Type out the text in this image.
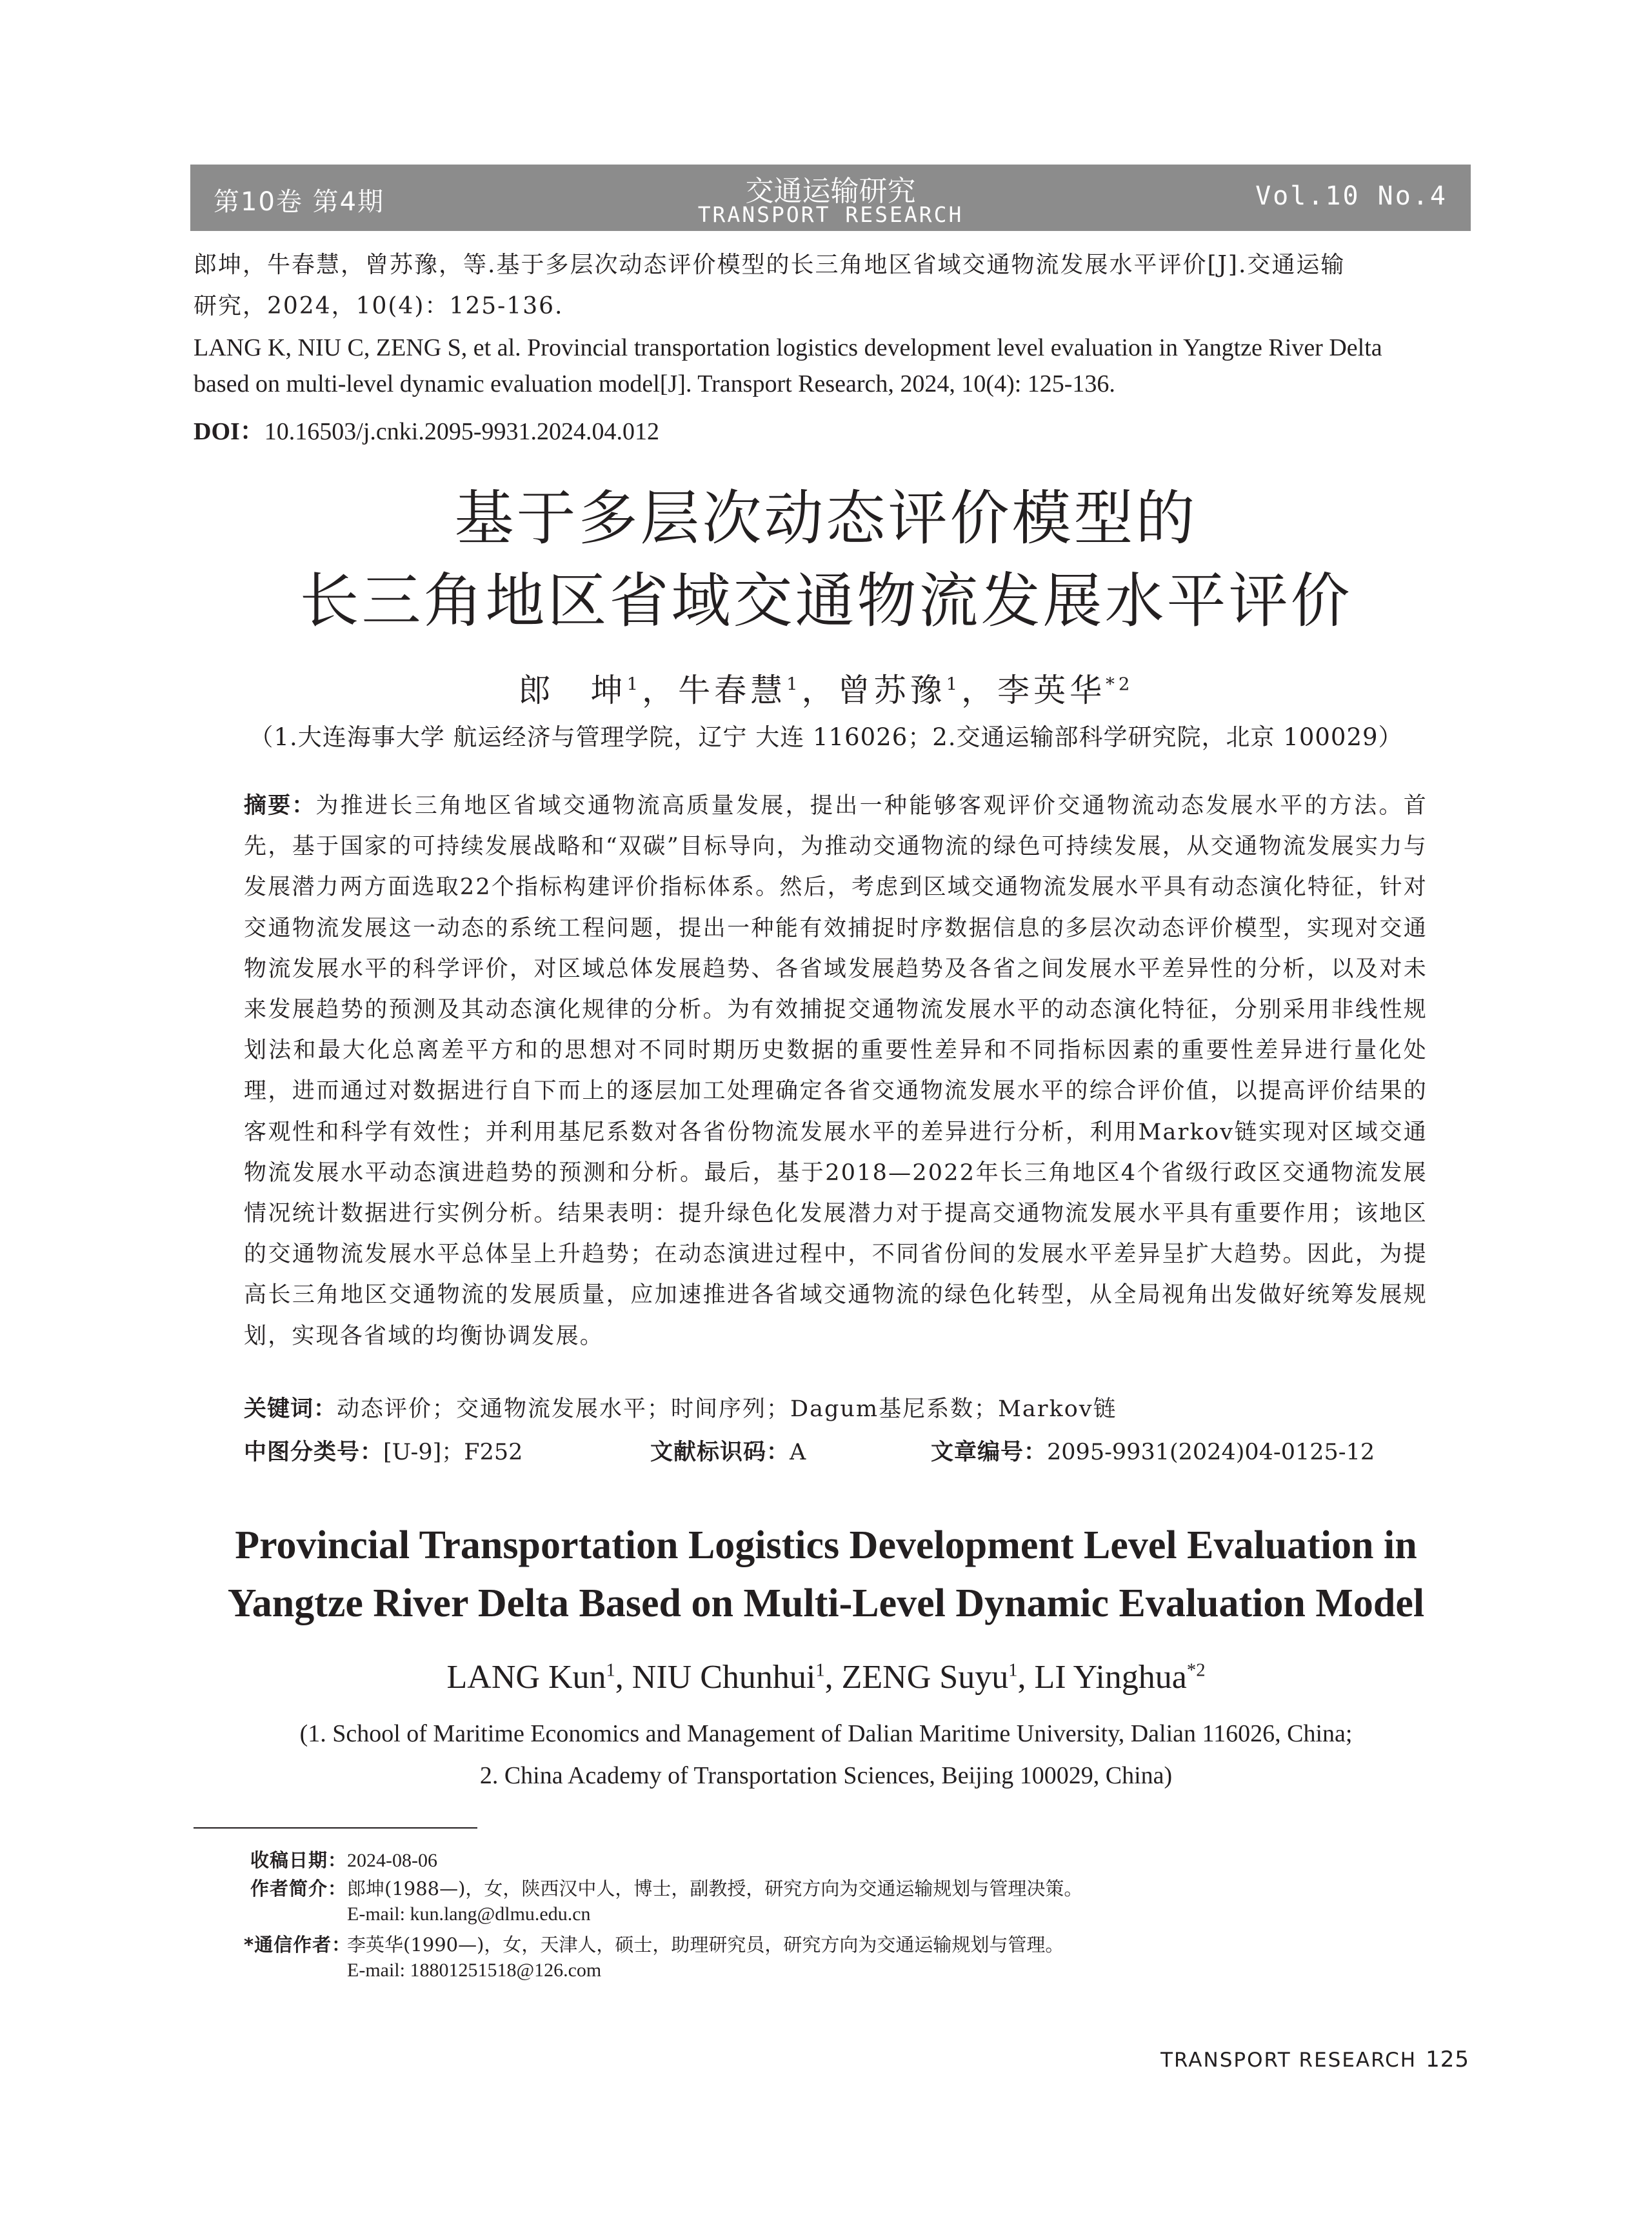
第10卷 第4期	交通运输研究
TRANSPORT RESEARCH
Vol.10 No.4
郎坤，牛春慧，曾苏豫，等.基于多层次动态评价模型的长三角地区省域交通物流发展水平评价[J].交通运输
研究，2024，10(4)：125-136.
LANG K, NIU C, ZENG S, et al. Provincial transportation logistics development level evaluation in Yangtze River Delta
based on multi-level dynamic evaluation model[J]. Transport Research, 2024, 10(4): 125-136.
DOI：10.16503/j.cnki.2095-9931.2024.04.012
基于多层次动态评价模型的
长三角地区省域交通物流发展水平评价
郎　坤$^1$，牛春慧$^1$，曾苏豫$^1$，李英华$^{*2}$
（1.大连海事大学 航运经济与管理学院，辽宁 大连 116026；2.交通运输部科学研究院，北京 100029）
摘要：为推进长三角地区省域交通物流高质量发展，提出一种能够客观评价交通物流动态发展水平的方法。首先，基于国家的可持续发展战略和“双碳”目标导向，为推动交通物流的绿色可持续发展，从交通物流发展实力与发展潜力两方面选取22个指标构建评价指标体系。然后，考虑到区域交通物流发展水平具有动态演化特征，针对交通物流发展这一动态的系统工程问题，提出一种能有效捕捉时序数据信息的多层次动态评价模型，实现对交通物流发展水平的科学评价，对区域总体发展趋势、各省域发展趋势及各省之间发展水平差异性的分析，以及对未来发展趋势的预测及其动态演化规律的分析。为有效捕捉交通物流发展水平的动态演化特征，分别采用非线性规划法和最大化总离差平方和的思想对不同时期历史数据的重要性差异和不同指标因素的重要性差异进行量化处理，进而通过对数据进行自下而上的逐层加工处理确定各省交通物流发展水平的综合评价值，以提高评价结果的客观性和科学有效性；并利用基尼系数对各省份物流发展水平的差异进行分析，利用Markov链实现对区域交通物流发展水平动态演进趋势的预测和分析。最后，基于2018—2022年长三角地区4个省级行政区交通物流发展情况统计数据进行实例分析。结果表明：提升绿色化发展潜力对于提高交通物流发展水平具有重要作用；该地区的交通物流发展水平总体呈上升趋势；在动态演进过程中，不同省份间的发展水平差异呈扩大趋势。因此，为提高长三角地区交通物流的发展质量，应加速推进各省域交通物流的绿色化转型，从全局视角出发做好统筹发展规划，实现各省域的均衡协调发展。
关键词：动态评价；交通物流发展水平；时间序列；Dagum基尼系数；Markov链
中图分类号：[U-9]；F252	文献标识码：A	文章编号：2095-9931(2024)04-0125-12
Provincial Transportation Logistics Development Level Evaluation in
Yangtze River Delta Based on Multi-Level Dynamic Evaluation Model
LANG Kun$^1$, NIU Chunhui$^1$, ZENG Suyu$^1$, LI Yinghua$^{*2}$
(1. School of Maritime Economics and Management of Dalian Maritime University, Dalian 116026, China;
2. China Academy of Transportation Sciences, Beijing 100029, China)
收稿日期：2024-08-06
作者简介：郎坤(1988—)，女，陕西汉中人，博士，副教授，研究方向为交通运输规划与管理决策。
E-mail: kun.lang@dlmu.edu.cn
*通信作者：李英华(1990—)，女，天津人，硕士，助理研究员，研究方向为交通运输规划与管理。
E-mail: 18801251518@126.com
TRANSPORT RESEARCH 125
